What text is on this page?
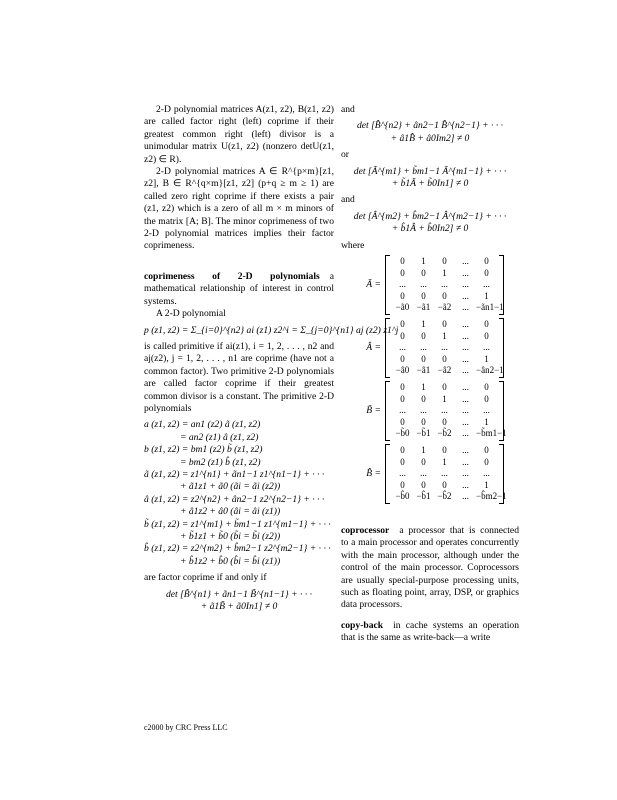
2-D polynomial matrices A(z1, z2), B(z1, z2) are called factor right (left) coprime if their greatest common right (left) divisor is a unimodular matrix U(z1, z2) (nonzero detU(z1, z2) ∈ R).

2-D polynomial matrices A ∈ R^{p×m}[z1, z2], B ∈ R^{q×m}[z1, z2] (p+q ≥ m ≥ 1) are called zero right coprime if there exists a pair (z1, z2) which is a zero of all m × m minors of the matrix [A; B]. The minor coprimeness of two 2-D polynomial matrices implies their factor coprimeness.

coprimeness of 2-D polynomials a mathematical relationship of interest in control systems.

A 2-D polynomial

p (z1, z2) = Σ_{i=0}^{n2} ai (z1) z2^i = Σ_{j=0}^{n1} aj (z2) z1^j

is called primitive if ai(z1), i = 1, 2, . . . , n2 and aj(z2), j = 1, 2, . . . , n1 are coprime (have not a common factor). Two primitive 2-D polynomials are called factor coprime if their greatest common divisor is a constant. The primitive 2-D polynomials

a (z1, z2) = an1 (z2) ã (z1, z2)
= an2 (z1) â (z1, z2)
b (z1, z2) = bm1 (z2) b̃ (z1, z2)
= bm2 (z1) b̂ (z1, z2)
ã (z1, z2) = z1^{n1} + ãn1−1 z1^{n1−1} + · · ·
+ ã1z1 + ã0 (ãi = ãi (z2))
â (z1, z2) = z2^{n2} + ân2−1 z2^{n2−1} + · · ·
+ â1z2 + â0 (âi = âi (z1))
b̃ (z1, z2) = z1^{m1} + b̃m1−1 z1^{m1−1} + · · ·
+ b̃1z1 + b̃0 (b̃i = b̃i (z2))
b̂ (z1, z2) = z2^{m2} + b̂m2−1 z2^{m2−1} + · · ·
+ b̂1z2 + b̂0 (b̂i = b̂i (z1))

are factor coprime if and only if

det [B̃^{n1} + ãn1−1 B̃^{n1−1} + · · ·
+ ã1B̃ + ã0In1] ≠ 0

and

det [B̂^{n2} + ân2−1 B̂^{n2−1} + · · ·
+ â1B̂ + â0Im2] ≠ 0

or

det [Ã^{m1} + b̃m1−1 Ã^{m1−1} + · · ·
+ b̃1Ã + b̃0In1] ≠ 0

and

det [Â^{m2} + b̂m2−1 Â^{m2−1} + · · ·
+ b̂1Â + b̂0In2] ≠ 0

where

Ã =
0	1	0	...	0
0	0	1	...	0
...	...	...	...	...
0	0	0	...	1
−ã0 −ã1 −ã2	... −ãn1−1
Â =
0	1	0	...	0
0	0	1	...	0
...	...	...	...	...
0	0	0	...	1
−â0 −â1 −â2	... −ân2−1
B̃ =
0	1	0	...	0
0	0	1	...	0
...	...	...	...	...
0	0	0	...	1
−b̃0 −b̃1 −b̃2	... −b̃m1−1
B̂ =
0	1	0	...	0
0	0	1	...	0
...	...	...	...	...
0	0	0	...	1
−b̂0 −b̂1 −b̂2	... −b̂m2−1

coprocessor a processor that is connected to a main processor and operates concurrently with the main processor, although under the control of the main processor. Coprocessors are usually special-purpose processing units, such as floating point, array, DSP, or graphics data processors.

copy-back in cache systems an operation that is the same as write-back—a write

c2000 by CRC Press LLC
